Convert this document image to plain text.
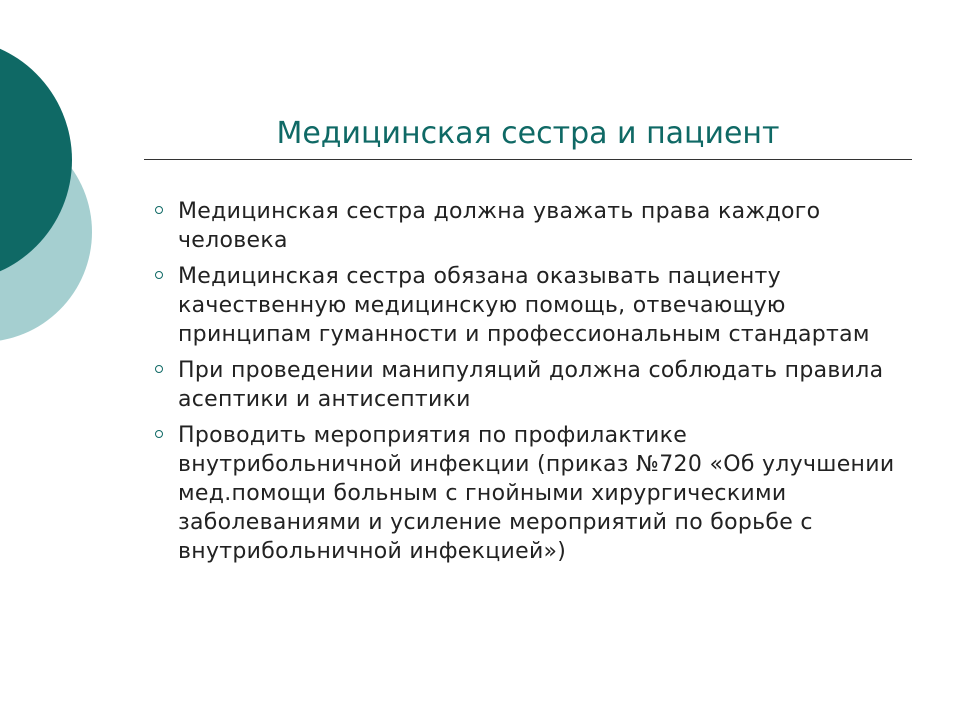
Медицинская сестра и пациент
Медицинская сестра должна уважать права каждого человека
Медицинская сестра обязана оказывать пациенту качественную медицинскую помощь, отвечающую принципам гуманности и профессиональным стандартам
При проведении манипуляций должна соблюдать правила асептики и антисептики
Проводить мероприятия по профилактике внутрибольничной инфекции (приказ №720 «Об улучшении мед.помощи больным с гнойными хирургическими заболеваниями и усиление мероприятий по борьбе с внутрибольничной инфекцией»)
